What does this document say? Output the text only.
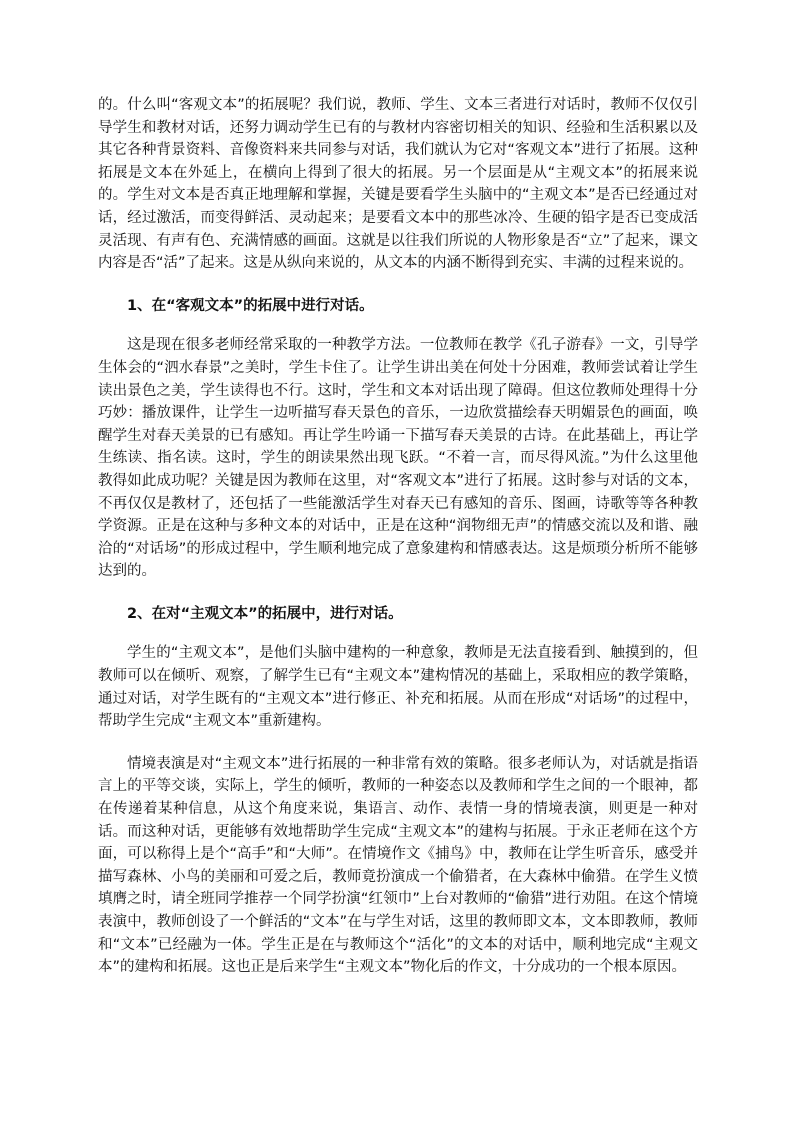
的。什么叫“客观文本”的拓展呢？我们说，教师、学生、文本三者进行对话时，教师不仅仅引导学生和教材对话，还努力调动学生已有的与教材内容密切相关的知识、经验和生活积累以及其它各种背景资料、音像资料来共同参与对话，我们就认为它对“客观文本”进行了拓展。这种拓展是文本在外延上，在横向上得到了很大的拓展。另一个层面是从“主观文本”的拓展来说的。学生对文本是否真正地理解和掌握，关键是要看学生头脑中的“主观文本”是否已经通过对话，经过激活，而变得鲜活、灵动起来；是要看文本中的那些冰冷、生硬的铅字是否已变成活灵活现、有声有色、充满情感的画面。这就是以往我们所说的人物形象是否“立”了起来，课文内容是否“活”了起来。这是从纵向来说的，从文本的内涵不断得到充实、丰满的过程来说的。

1、在“客观文本”的拓展中进行对话。

这是现在很多老师经常采取的一种教学方法。一位教师在教学《孔子游春》一文，引导学生体会的“泗水春景”之美时，学生卡住了。让学生讲出美在何处十分困难，教师尝试着让学生读出景色之美，学生读得也不行。这时，学生和文本对话出现了障碍。但这位教师处理得十分巧妙：播放课件，让学生一边听描写春天景色的音乐，一边欣赏描绘春天明媚景色的画面，唤醒学生对春天美景的已有感知。再让学生吟诵一下描写春天美景的古诗。在此基础上，再让学生练读、指名读。这时，学生的朗读果然出现飞跃。“不着一言，而尽得风流。”为什么这里他教得如此成功呢？关键是因为教师在这里，对“客观文本”进行了拓展。这时参与对话的文本，不再仅仅是教材了，还包括了一些能激活学生对春天已有感知的音乐、图画，诗歌等等各种教学资源。正是在这种与多种文本的对话中，正是在这种“润物细无声”的情感交流以及和谐、融洽的“对话场”的形成过程中，学生顺利地完成了意象建构和情感表达。这是烦琐分析所不能够达到的。

2、在对“主观文本”的拓展中，进行对话。

学生的“主观文本”，是他们头脑中建构的一种意象，教师是无法直接看到、触摸到的，但教师可以在倾听、观察，了解学生已有“主观文本”建构情况的基础上，采取相应的教学策略，通过对话，对学生既有的“主观文本”进行修正、补充和拓展。从而在形成“对话场”的过程中，帮助学生完成“主观文本”重新建构。

情境表演是对“主观文本”进行拓展的一种非常有效的策略。很多老师认为，对话就是指语言上的平等交谈，实际上，学生的倾听，教师的一种姿态以及教师和学生之间的一个眼神，都在传递着某种信息，从这个角度来说，集语言、动作、表情一身的情境表演，则更是一种对话。而这种对话，更能够有效地帮助学生完成“主观文本”的建构与拓展。于永正老师在这个方面，可以称得上是个“高手”和“大师”。在情境作文《捕鸟》中，教师在让学生听音乐，感受并描写森林、小鸟的美丽和可爱之后，教师竟扮演成一个偷猎者，在大森林中偷猎。在学生义愤填膺之时，请全班同学推荐一个同学扮演“红领巾”上台对教师的“偷猎”进行劝阻。在这个情境表演中，教师创设了一个鲜活的“文本”在与学生对话，这里的教师即文本，文本即教师，教师和“文本”已经融为一体。学生正是在与教师这个“活化”的文本的对话中，顺利地完成“主观文本”的建构和拓展。这也正是后来学生“主观文本”物化后的作文，十分成功的一个根本原因。
